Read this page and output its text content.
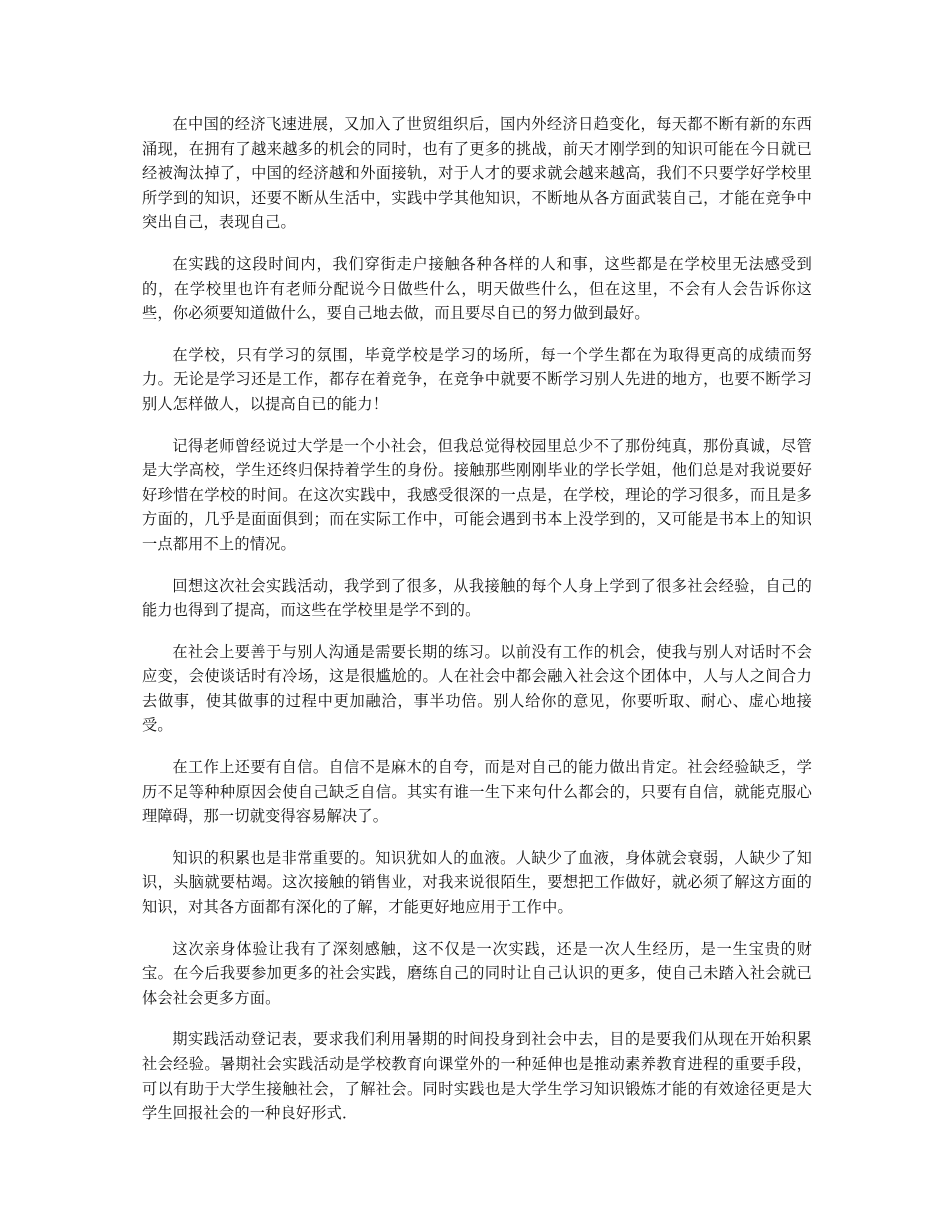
在中国的经济飞速进展，又加入了世贸组织后，国内外经济日趋变化，每天都不断有新的东西涌现，在拥有了越来越多的机会的同时，也有了更多的挑战，前天才刚学到的知识可能在今日就已经被淘汰掉了，中国的经济越和外面接轨，对于人才的要求就会越来越高，我们不只要学好学校里所学到的知识，还要不断从生活中，实践中学其他知识，不断地从各方面武装自己，才能在竞争中突出自己，表现自己。

在实践的这段时间内，我们穿街走户接触各种各样的人和事，这些都是在学校里无法感受到的，在学校里也许有老师分配说今日做些什么，明天做些什么，但在这里，不会有人会告诉你这些，你必须要知道做什么，要自己地去做，而且要尽自已的努力做到最好。

在学校，只有学习的氛围，毕竟学校是学习的场所，每一个学生都在为取得更高的成绩而努力。无论是学习还是工作，都存在着竞争，在竞争中就要不断学习别人先进的地方，也要不断学习别人怎样做人，以提高自已的能力！

记得老师曾经说过大学是一个小社会，但我总觉得校园里总少不了那份纯真，那份真诚，尽管是大学高校，学生还终归保持着学生的身份。接触那些刚刚毕业的学长学姐，他们总是对我说要好好珍惜在学校的时间。在这次实践中，我感受很深的一点是，在学校，理论的学习很多，而且是多方面的，几乎是面面俱到；而在实际工作中，可能会遇到书本上没学到的，又可能是书本上的知识一点都用不上的情况。

回想这次社会实践活动，我学到了很多，从我接触的每个人身上学到了很多社会经验，自己的能力也得到了提高，而这些在学校里是学不到的。

在社会上要善于与别人沟通是需要长期的练习。以前没有工作的机会，使我与别人对话时不会应变，会使谈话时有冷场，这是很尴尬的。人在社会中都会融入社会这个团体中，人与人之间合力去做事，使其做事的过程中更加融洽，事半功倍。别人给你的意见，你要听取、耐心、虚心地接受。

在工作上还要有自信。自信不是麻木的自夸，而是对自己的能力做出肯定。社会经验缺乏，学历不足等种种原因会使自己缺乏自信。其实有谁一生下来句什么都会的，只要有自信，就能克服心理障碍，那一切就变得容易解决了。

知识的积累也是非常重要的。知识犹如人的血液。人缺少了血液，身体就会衰弱，人缺少了知识，头脑就要枯竭。这次接触的销售业，对我来说很陌生，要想把工作做好，就必须了解这方面的知识，对其各方面都有深化的了解，才能更好地应用于工作中。

这次亲身体验让我有了深刻感触，这不仅是一次实践，还是一次人生经历，是一生宝贵的财宝。在今后我要参加更多的社会实践，磨练自己的同时让自己认识的更多，使自己未踏入社会就已体会社会更多方面。

期实践活动登记表，要求我们利用暑期的时间投身到社会中去，目的是要我们从现在开始积累社会经验。暑期社会实践活动是学校教育向课堂外的一种延伸也是推动素养教育进程的重要手段，可以有助于大学生接触社会，了解社会。同时实践也是大学生学习知识锻炼才能的有效途径更是大学生回报社会的一种良好形式．
